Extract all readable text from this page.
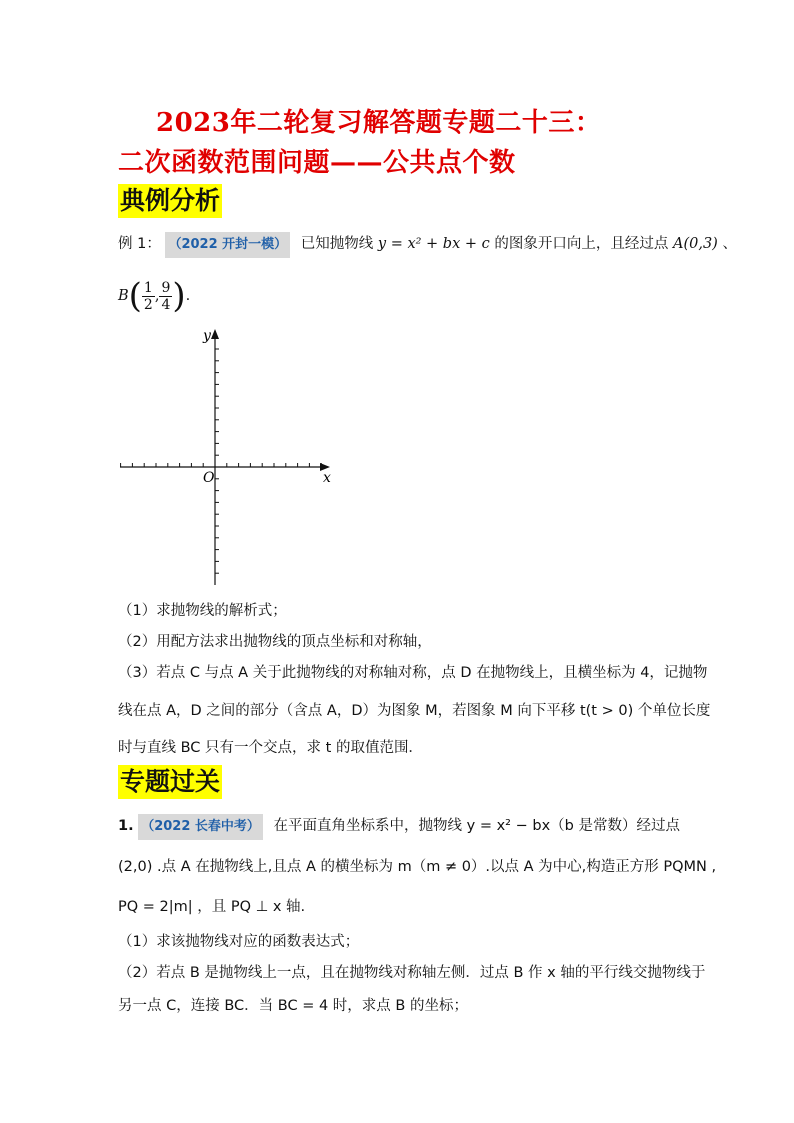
2023年二轮复习解答题专题二十三：
二次函数范围问题——公共点个数
典例分析
例 1： （2022 开封一模） 已知抛物线 y = x² + bx + c 的图象开口向上，且经过点 A(0,3) 、
$B( \frac{1}{2}$ , $\frac{9}{4}$ ).
x
y
O
（1）求抛物线的解析式；
（2）用配方法求出抛物线的顶点坐标和对称轴，
（3）若点 C 与点 A 关于此抛物线的对称轴对称，点 D 在抛物线上，且横坐标为 4，记抛物
线在点 A，D 之间的部分（含点 A，D）为图象 M，若图象 M 向下平移 t(t > 0) 个单位长度
时与直线 BC 只有一个交点，求 t 的取值范围．
专题过关
1. （2022 长春中考） 在平面直角坐标系中，抛物线 y = x² − bx（b 是常数）经过点
(2,0) .点 A 在抛物线上,且点 A 的横坐标为 m（m ≠ 0）.以点 A 为中心,构造正方形 PQMN ,
PQ = 2|m| ，且 PQ ⊥ x 轴.
（1）求该抛物线对应的函数表达式；
（2）若点 B 是抛物线上一点，且在抛物线对称轴左侧．过点 B 作 x 轴的平行线交抛物线于
另一点 C，连接 BC．当 BC = 4 时，求点 B 的坐标；
